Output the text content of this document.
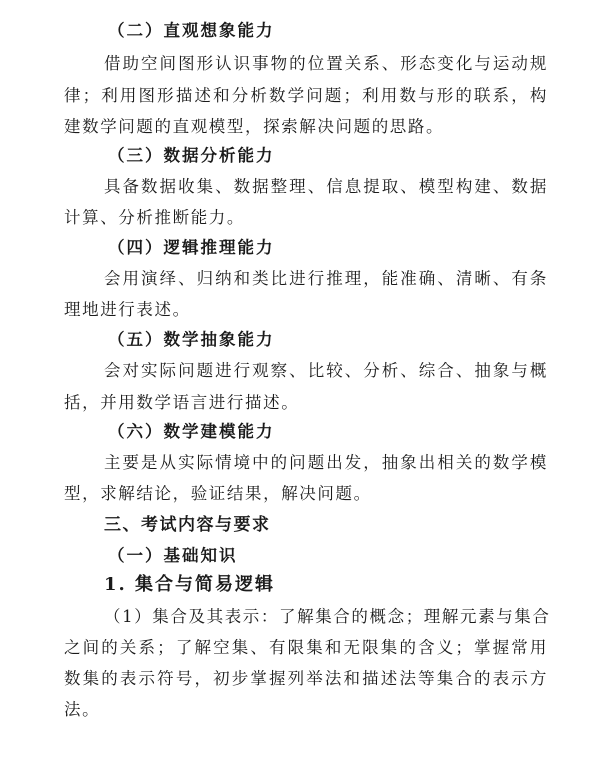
（二）直观想象能力
借助空间图形认识事物的位置关系、形态变化与运动规
律；利用图形描述和分析数学问题；利用数与形的联系，构
建数学问题的直观模型，探索解决问题的思路。
（三）数据分析能力
具备数据收集、数据整理、信息提取、模型构建、数据
计算、分析推断能力。
（四）逻辑推理能力
会用演绎、归纳和类比进行推理，能准确、清晰、有条
理地进行表述。
（五）数学抽象能力
会对实际问题进行观察、比较、分析、综合、抽象与概
括，并用数学语言进行描述。
（六）数学建模能力
主要是从实际情境中的问题出发，抽象出相关的数学模
型，求解结论，验证结果，解决问题。
三、考试内容与要求
（一）基础知识
1. 集合与简易逻辑
（1）集合及其表示：了解集合的概念；理解元素与集合
之间的关系；了解空集、有限集和无限集的含义；掌握常用
数集的表示符号，初步掌握列举法和描述法等集合的表示方
法。
